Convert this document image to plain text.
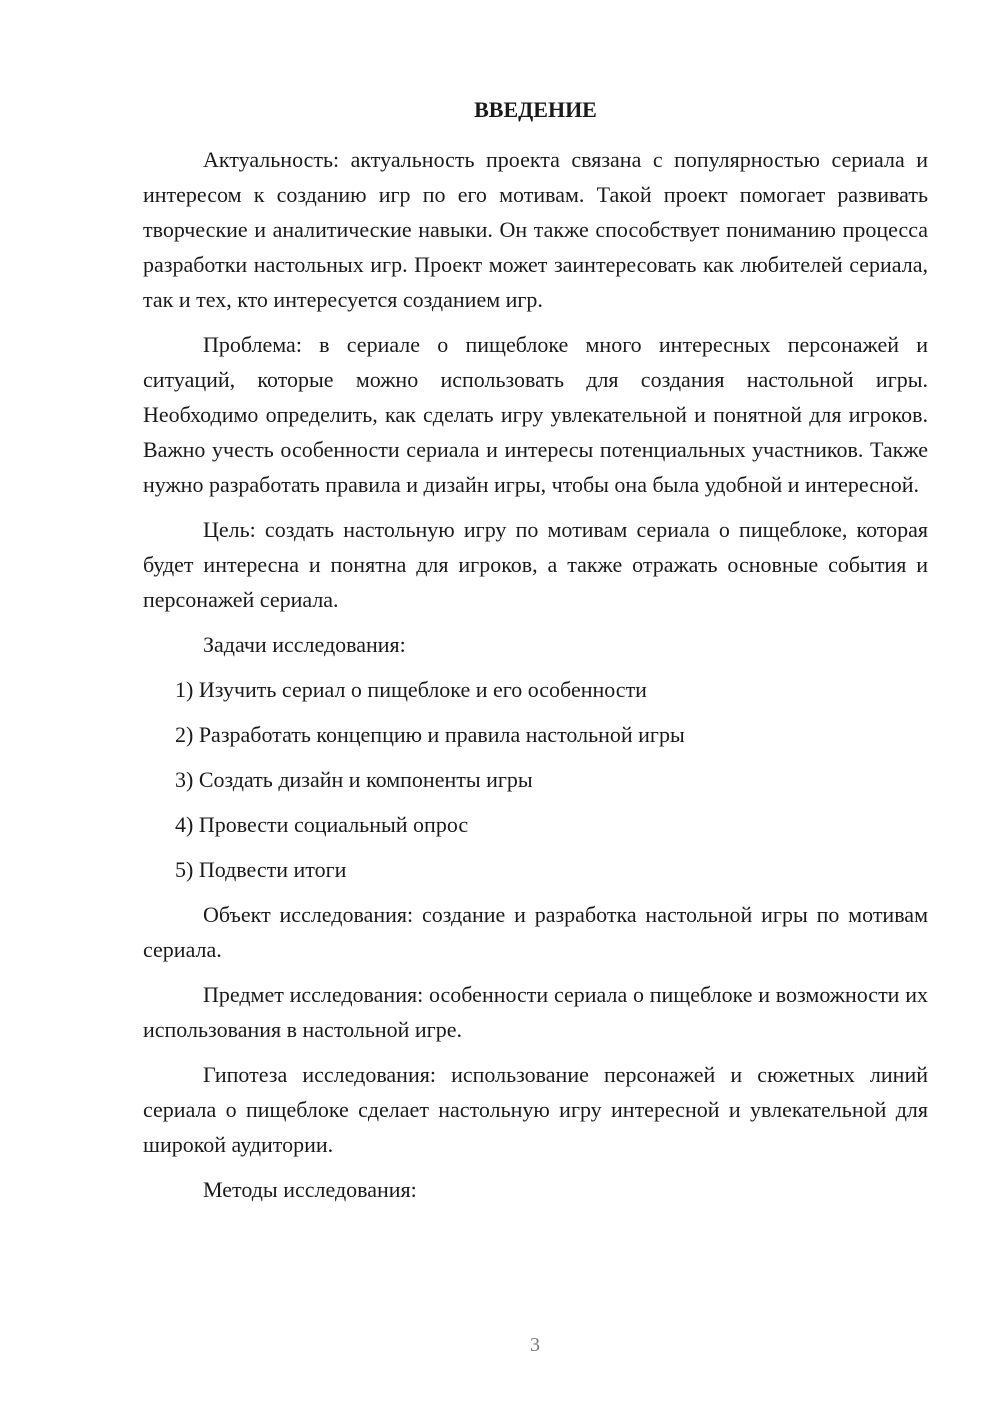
ВВЕДЕНИЕ

Актуальность: актуальность проекта связана с популярностью сериала и интересом к созданию игр по его мотивам. Такой проект помогает развивать творческие и аналитические навыки. Он также способствует пониманию процесса разработки настольных игр. Проект может заинтересовать как любителей сериала, так и тех, кто интересуется созданием игр.

Проблема: в сериале о пищеблоке много интересных персонажей и ситуаций, которые можно использовать для создания настольной игры. Необходимо определить, как сделать игру увлекательной и понятной для игроков. Важно учесть особенности сериала и интересы потенциальных участников. Также нужно разработать правила и дизайн игры, чтобы она была удобной и интересной.

Цель: создать настольную игру по мотивам сериала о пищеблоке, которая будет интересна и понятна для игроков, а также отражать основные события и персонажей сериала.

Задачи исследования:

1) Изучить сериал о пищеблоке и его особенности
2) Разработать концепцию и правила настольной игры
3) Создать дизайн и компоненты игры
4) Провести социальный опрос
5) Подвести итоги

Объект исследования: создание и разработка настольной игры по мотивам сериала.

Предмет исследования: особенности сериала о пищеблоке и возможности их использования в настольной игре.

Гипотеза исследования: использование персонажей и сюжетных линий сериала о пищеблоке сделает настольную игру интересной и увлекательной для широкой аудитории.

Методы исследования:

3
